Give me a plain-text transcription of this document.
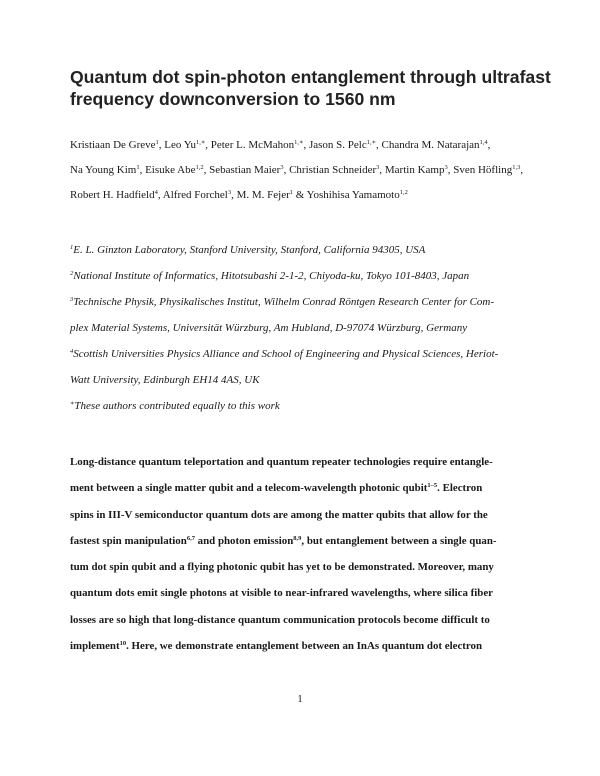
Quantum dot spin-photon entanglement through ultrafast
frequency downconversion to 1560 nm
Kristiaan De Greve$^1$, Leo $Yu^{1,∗}$, Peter L. McMahon$^{1,∗}$, Jason S. Pelc$^{1,∗}$, Chandra M. Natarajan$^{1,4}$,
Na Young Kim$^1$, Eisuke Abe$^{1,2}$, Sebastian Maier$^3$, Christian Schneider$^3$, Martin Kamp$^3$, Sven Höfling$^{1,3}$,
Robert H. Hadfield$^4$, Alfred Forchel$^3$, M. M. Fejer$^1$ & Yoshihisa Yamamoto$^{1,2}$
$^1$E. L. Ginzton Laboratory, Stanford University, Stanford, California 94305, USA
$^2$National Institute of Informatics, Hitotsubashi 2-1-2, Chiyoda-ku, Tokyo 101-8403, Japan
$^3$Technische Physik, Physikalisches Institut, Wilhelm Conrad Röntgen Research Center for Com-
plex Material Systems, Universität Würzburg, Am Hubland, D-97074 Würzburg, Germany
$^4$Scottish Universities Physics Alliance and School of Engineering and Physical Sciences, Heriot-
Watt University, Edinburgh EH14 4AS, UK
∗These authors contributed equally to this work
Long-distance quantum teleportation and quantum repeater technologies require entangle-
ment between a single matter qubit and a telecom-wavelength photonic qubit$^{1-5}$. Electron
spins in III-V semiconductor quantum dots are among the matter qubits that allow for the
fastest spin manipulation$^{6,7}$ and photon emission$^{8,9}$, but entanglement between a single quan-
tum dot spin qubit and a flying photonic qubit has yet to be demonstrated. Moreover, many
quantum dots emit single photons at visible to near-infrared wavelengths, where silica fiber
losses are so high that long-distance quantum communication protocols become difficult to
implement$^{10}$. Here, we demonstrate entanglement between an InAs quantum dot electron
1
